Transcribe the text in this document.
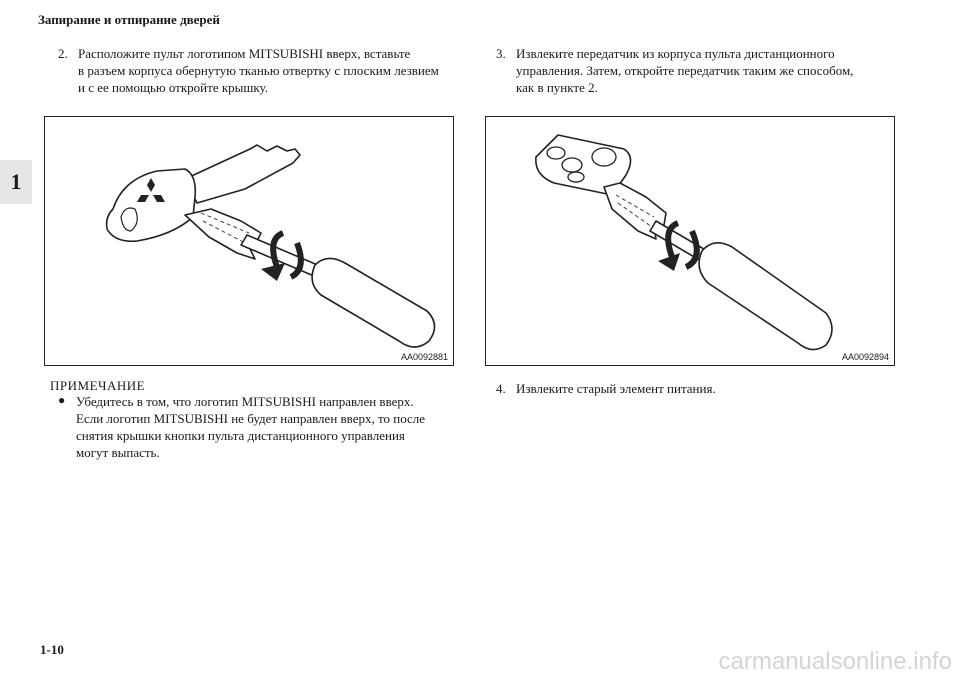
Запирание и отпирание дверей
1
2. Расположите пульт логотипом MITSUBISHI вверх, вставьте
в разъем корпуса обернутую тканью отвертку с плоским лезвием
и с ее помощью откройте крышку.
3. Извлеките передатчик из корпуса пульта дистанционного
управления. Затем, откройте передатчик таким же способом,
как в пункте 2.
AA0092881	AA0092894
ПРИМЕЧАНИЕ
● Убедитесь в том, что логотип MITSUBISHI направлен вверх.
Если логотип MITSUBISHI не будет направлен вверх, то после
снятия крышки кнопки пульта дистанционного управления
могут выпасть.
4. Извлеките старый элемент питания.
1-10	carmanualsonline.info
